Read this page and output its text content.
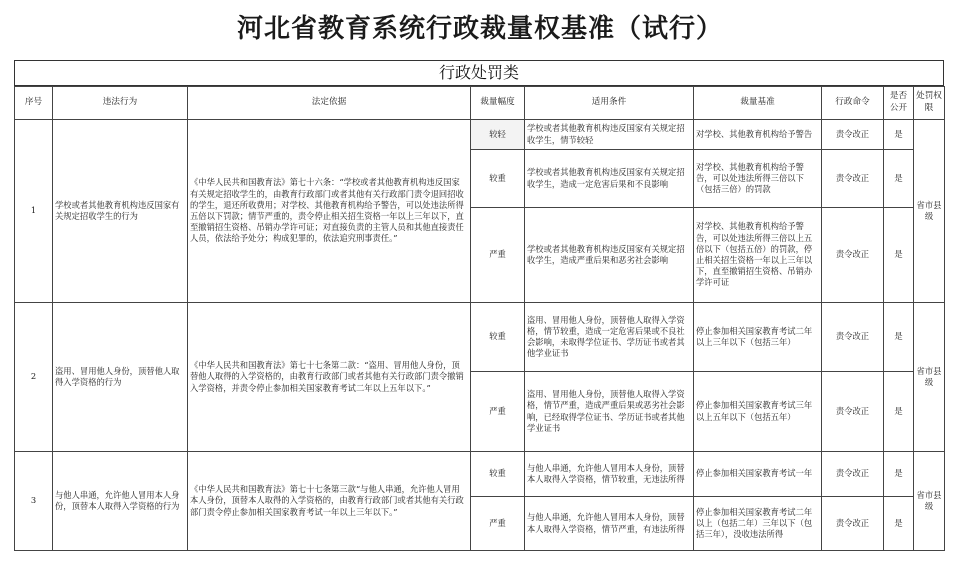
河北省教育系统行政裁量权基准（试行）
行政处罚类
序号	违法行为	法定依据	裁量幅度	适用条件	裁量基准	行政命令	是否公开	处罚权限
1	学校或者其他教育机构违反国家有关规定招收学生的行为	《中华人民共和国教育法》第七十六条：“学校或者其他教育机构违反国家有关规定招收学生的，由教育行政部门或者其他有关行政部门责令退回招收的学生，退还所收费用；对学校、其他教育机构给予警告，可以处违法所得五倍以下罚款；情节严重的，责令停止相关招生资格一年以上三年以下，直至撤销招生资格、吊销办学许可证；对直接负责的主管人员和其他直接责任人员，依法给予处分；构成犯罪的，依法追究刑事责任。”	较轻	学校或者其他教育机构违反国家有关规定招收学生，情节较轻	对学校、其他教育机构给予警告	责令改正	是	省市县级
			较重	学校或者其他教育机构违反国家有关规定招收学生，造成一定危害后果和不良影响	对学校、其他教育机构给予警告，可以处违法所得三倍以下（包括三倍）的罚款	责令改正	是	
			严重	学校或者其他教育机构违反国家有关规定招收学生，造成严重后果和恶劣社会影响	对学校、其他教育机构给予警告，可以处违法所得三倍以上五倍以下（包括五倍）的罚款，停止相关招生资格一年以上三年以下，直至撤销招生资格、吊销办学许可证	责令改正	是	
2	盗用、冒用他人身份，顶替他人取得入学资格的行为	《中华人民共和国教育法》第七十七条第二款：“盗用、冒用他人身份，顶替他人取得的入学资格的，由教育行政部门或者其他有关行政部门责令撤销入学资格，并责令停止参加相关国家教育考试二年以上五年以下。”	较重	盗用、冒用他人身份，顶替他人取得入学资格，情节较重，造成一定危害后果或不良社会影响，未取得学位证书、学历证书或者其他学业证书	停止参加相关国家教育考试二年以上三年以下（包括三年）	责令改正	是	省市县级
			严重	盗用、冒用他人身份，顶替他人取得入学资格，情节严重，造成严重后果或恶劣社会影响，已经取得学位证书、学历证书或者其他学业证书	停止参加相关国家教育考试三年以上五年以下（包括五年）	责令改正	是	
3	与他人串通，允许他人冒用本人身份，顶替本人取得入学资格的行为	《中华人民共和国教育法》第七十七条第三款“与他人串通，允许他人冒用本人身份，顶替本人取得的入学资格的，由教育行政部门或者其他有关行政部门责令停止参加相关国家教育考试一年以上三年以下。”	较重	与他人串通，允许他人冒用本人身份，顶替本人取得入学资格，情节较重，无违法所得	停止参加相关国家教育考试一年	责令改正	是	省市县级
			严重	与他人串通，允许他人冒用本人身份，顶替本人取得入学资格，情节严重，有违法所得	停止参加相关国家教育考试二年以上（包括二年）三年以下（包括三年），没收违法所得	责令改正	是	
